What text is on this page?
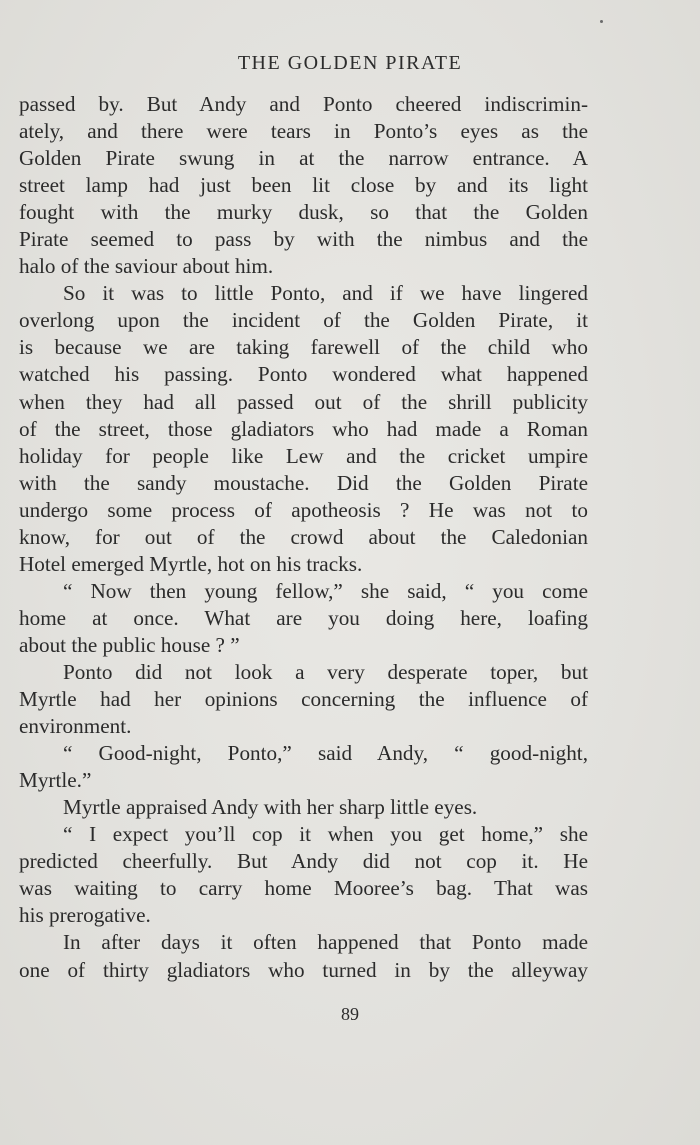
THE GOLDEN PIRATE
passed by. But Andy and Ponto cheered indiscrimin-
ately, and there were tears in Ponto’s eyes as the
Golden Pirate swung in at the narrow entrance. A
street lamp had just been lit close by and its light
fought with the murky dusk, so that the Golden
Pirate seemed to pass by with the nimbus and the
halo of the saviour about him.
So it was to little Ponto, and if we have lingered
overlong upon the incident of the Golden Pirate, it
is because we are taking farewell of the child who
watched his passing. Ponto wondered what happened
when they had all passed out of the shrill publicity
of the street, those gladiators who had made a Roman
holiday for people like Lew and the cricket umpire
with the sandy moustache. Did the Golden Pirate
undergo some process of apotheosis ? He was not to
know, for out of the crowd about the Caledonian
Hotel emerged Myrtle, hot on his tracks.
“ Now then young fellow,” she said, “ you come
home at once. What are you doing here, loafing
about the public house ? ”
Ponto did not look a very desperate toper, but
Myrtle had her opinions concerning the influence of
environment.
“ Good-night, Ponto,” said Andy, “ good-night,
Myrtle.”
Myrtle appraised Andy with her sharp little eyes.
“ I expect you’ll cop it when you get home,” she
predicted cheerfully. But Andy did not cop it. He
was waiting to carry home Mooree’s bag. That was
his prerogative.
In after days it often happened that Ponto made
one of thirty gladiators who turned in by the alleyway
89
